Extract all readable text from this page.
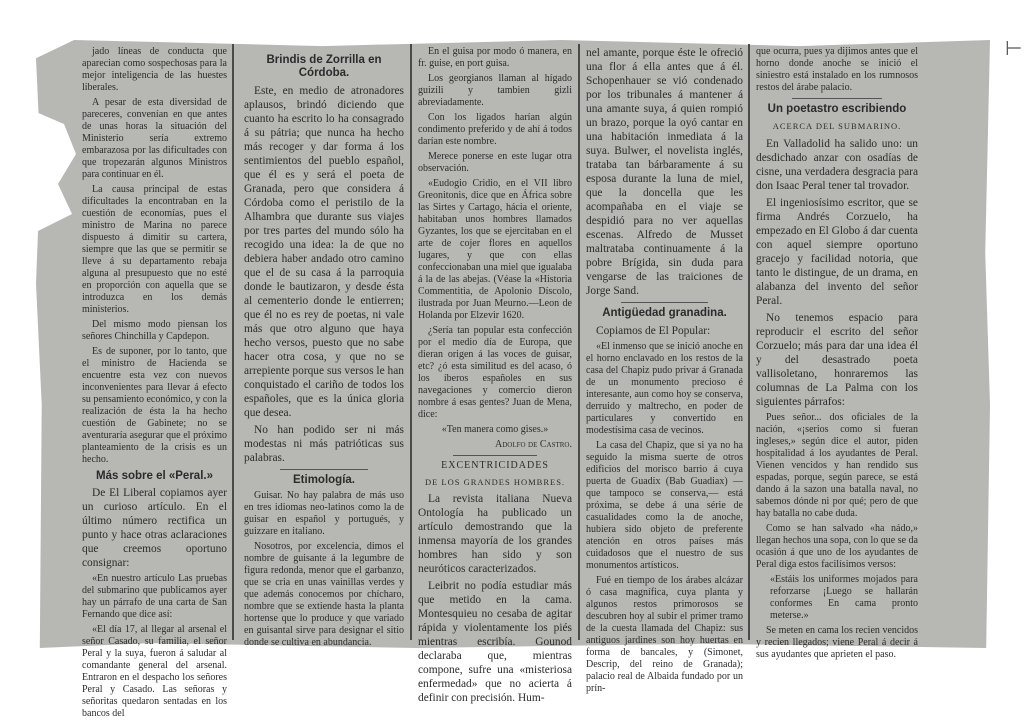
⊢

jado líneas de conducta que aparecian como sospechosas para la mejor inteligencia de las huestes liberales.

A pesar de esta diversidad de pareceres, convenían en que antes de unas horas la situación del Ministerio sería extremo embarazosa por las dificultades con que tropezarán algunos Ministros para continuar en él.

La causa principal de estas dificultades la encontraban en la cuestión de economías, pues el ministro de Marina no parece dispuesto á dimitir su cartera, siempre que las que se permitir se lleve á su departamento rebaja alguna al presupuesto que no esté en proporción con aquella que se introduzca en los demás ministerios.

Del mismo modo piensan los señores Chinchilla y Capdepon.

Es de suponer, por lo tanto, que el ministro de Hacienda se encuentre esta vez con nuevos inconvenientes para llevar á efecto su pensamiento económico, y con la realización de ésta la ha hecho cuestión de Gabinete; no se aventuraría asegurar que el próximo planteamiento de la crisis es un hecho.

Más sobre el «Peral.»

De El Liberal copiamos ayer un curioso artículo. En el último número rectifica un punto y hace otras aclaraciones que creemos oportuno consignar:

«En nuestro artículo Las pruebas del submarino que publicamos ayer hay un párrafo de una carta de San Fernando que dice así:

«El día 17, al llegar al arsenal el señor Casado, su familia, el señor Peral y la suya, fueron á saludar al comandante general del arsenal. Entraron en el despacho los señores Peral y Casado. Las señoras y señoritas quedaron sentadas en los bancos del

Brindis de Zorrilla en Córdoba.

Este, en medio de atronadores aplausos, brindó diciendo que cuanto ha escrito lo ha consagrado á su pátria; que nunca ha hecho más recoger y dar forma á los sentimientos del pueblo español, que él es y será el poeta de Granada, pero que considera á Córdoba como el peristilo de la Alhambra que durante sus viajes por tres partes del mundo sólo ha recogido una idea: la de que no debiera haber andado otro camino que el de su casa á la parroquia donde le bautizaron, y desde ésta al cementerio donde le entierren; que él no es rey de poetas, ni vale más que otro alguno que haya hecho versos, puesto que no sabe hacer otra cosa, y que no se arrepiente porque sus versos le han conquistado el cariño de todos los españoles, que es la única gloria que desea.

No han podido ser ni más modestas ni más patrióticas sus palabras.

Etimología.

Guisar. No hay palabra de más uso en tres idiomas neo-latinos como la de guisar en español y portugués, y guizzare en italiano.

Nosotros, por excelencia, dimos el nombre de guisante á la legumbre de figura redonda, menor que el garbanzo, que se cria en unas vainillas verdes y que además conocemos por chícharo, nombre que se extiende hasta la planta hortense que lo produce y que variado en guisantal sirve para designar el sitio donde se cultiva en abundancia.

En el guisa por modo ó manera, en fr. guise, en port guisa.

Los georgianos llaman al hígado guizili y tambien gizli abreviadamente.

Con los ligados harían algún condimento preferido y de ahí á todos darían este nombre.

Merece ponerse en este lugar otra observación.

«Eudogio Cridio, en el VII libro Greonitonis, dice que en África sobre las Sirtes y Cartago, hácia el oriente, habitaban unos hombres llamados Gyzantes, los que se ejercitaban en el arte de cojer flores en aquellos lugares, y que con ellas confeccionaban una miel que igualaba á la de las abejas. (Véase la «Historia Commentitia, de Apolonio Díscolo, ilustrada por Juan Meurno.—Leon de Holanda por Elzevir 1620.

¿Sería tan popular esta confección por el medio día de Europa, que dieran origen á las voces de guisar, etc? ¿ó esta similitud es del acaso, ó los íberos españoles en sus navegaciones y comercio dieron nombre á esas gentes? Juan de Mena, dice:

«Ten manera como gises.»

Adolfo de Castro.

EXCENTRICIDADES
DE LOS GRANDES HOMBRES.

La revista italiana Nueva Ontología ha publicado un artículo demostrando que la inmensa mayoría de los grandes hombres han sido y son neuróticos caracterizados.

Leibrit no podía estudiar más que metido en la cama. Montesquieu no cesaba de agitar rápida y violentamente los piés mientras escribía. Gounod declaraba que, mientras compone, sufre una «misteriosa enfermedad» que no acierta á definir con precisión. Hum-

nel amante, porque éste le ofreció una flor á ella antes que á él. Schopenhauer se vió condenado por los tribunales á mantener á una amante suya, á quien rompió un brazo, porque la oyó cantar en una habitación inmediata á la suya. Bulwer, el novelista inglés, trataba tan bárbaramente á su esposa durante la luna de miel, que la doncella que les acompañaba en el viaje se despidió para no ver aquellas escenas. Alfredo de Musset maltrataba continuamente á la pobre Brígida, sin duda para vengarse de las traiciones de Jorge Sand.

Antigüedad granadina.

Copiamos de El Popular:

«El inmenso que se inició anoche en el horno enclavado en los restos de la casa del Chapiz pudo privar á Granada de un monumento precioso é interesante, aun como hoy se conserva, derruido y maltrecho, en poder de particulares y convertido en modestísima casa de vecinos.

La casa del Chapiz, que si ya no ha seguido la misma suerte de otros edificios del morisco barrio á cuya puerta de Guadix (Bab Guadiax) — que tampoco se conserva,— está próxima, se debe á una série de casualidades como la de anoche, hubiera sido objeto de preferente atención en otros países más cuidadosos que el nuestro de sus monumentos artísticos.

Fué en tiempo de los árabes alcázar ó casa magnífica, cuya planta y algunos restos primorosos se descubren hoy al subir el primer tramo de la cuesta llamada del Chapiz: sus antiguos jardines son hoy huertas en forma de bancales, y (Simonet, Descrip, del reino de Granada); palacio real de Albaida fundado por un prín-

que ocurra, pues ya dijimos antes que el horno donde anoche se inició el siniestro está instalado en los rumnosos restos del árabe palacio.

Un poetastro escribiendo
ACERCA DEL SUBMARINO.

En Valladolid ha salido uno: un desdichado anzar con osadías de cisne, una verdadera desgracia para don Isaac Peral tener tal trovador.

El ingeniosísimo escritor, que se firma Andrés Corzuelo, ha empezado en El Globo á dar cuenta con aquel siempre oportuno gracejo y facilidad notoria, que tanto le distingue, de un drama, en alabanza del invento del señor Peral.

No tenemos espacio para reproducir el escrito del señor Corzuelo; más para dar una idea él y del desastrado poeta vallisoletano, honraremos las columnas de La Palma con los siguientes párrafos:

Pues señor... dos oficiales de la nación, «¡serios como si fueran ingleses,» según dice el autor, piden hospitalidad á los ayudantes de Peral. Vienen vencidos y han rendido sus espadas, porque, según parece, se está dando á la sazon una batalla naval, no sabemos dónde ni por qué; pero de que hay batalla no cabe duda.

Como se han salvado «ha nádo,» llegan hechos una sopa, con lo que se da ocasión á que uno de los ayudantes de Peral diga estos facilísimos versos:

«Estáis los uniformes mojados para reforzarse ¡Luego se hallarán conformes En cama pronto meterse.»

Se meten en cama los recien vencidos y recien llegados; viene Peral á decir á sus ayudantes que aprieten el paso.
